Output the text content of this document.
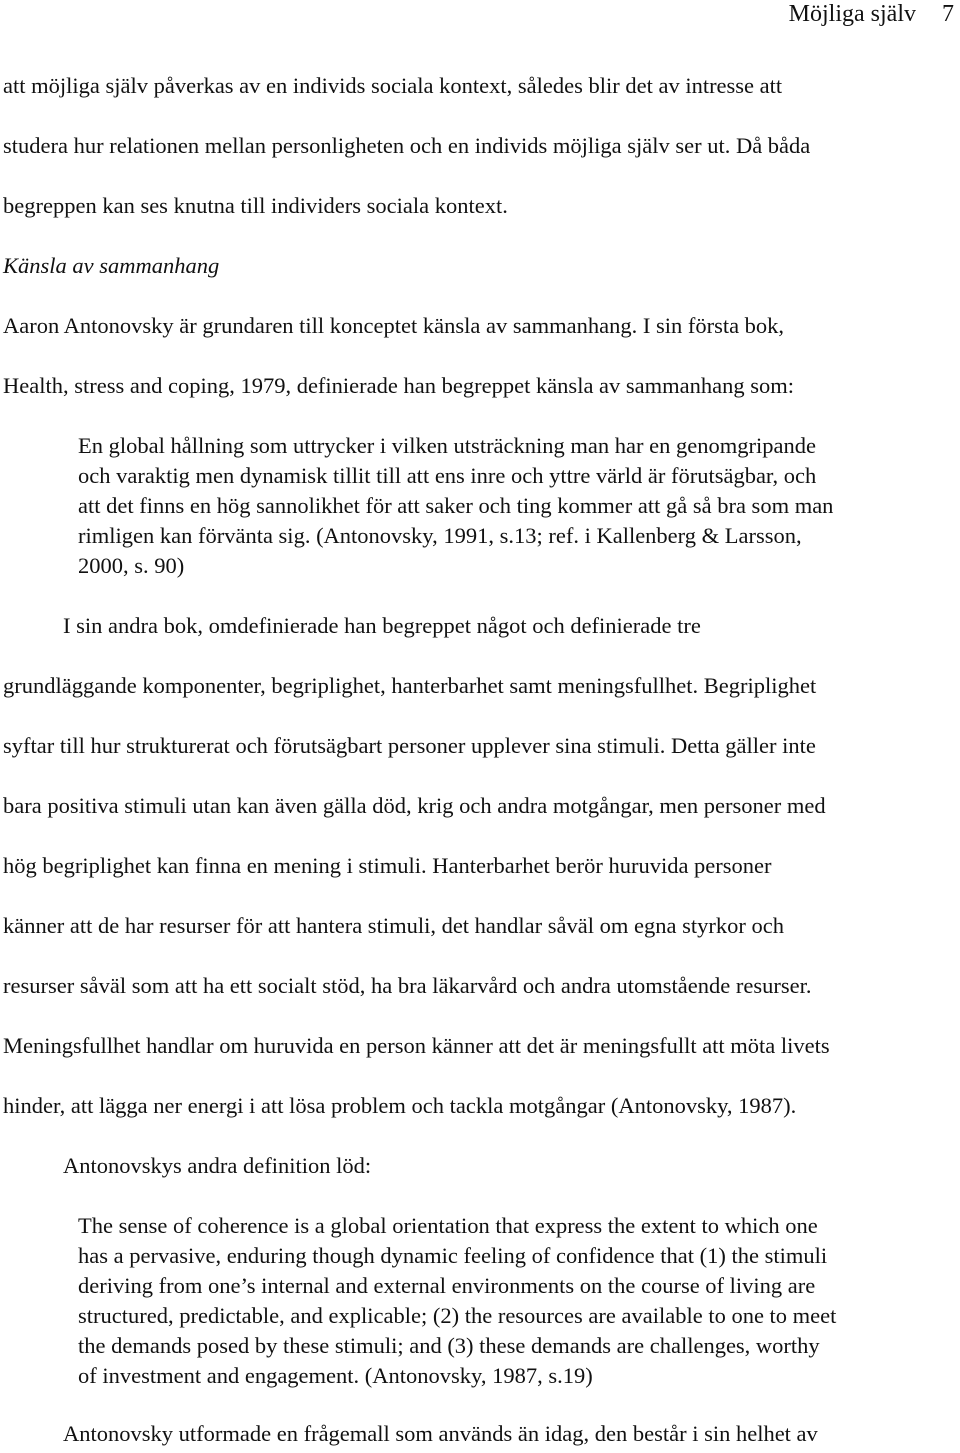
Möjliga själv 7
att möjliga själv påverkas av en individs sociala kontext, således blir det av intresse att
studera hur relationen mellan personligheten och en individs möjliga själv ser ut. Då båda
begreppen kan ses knutna till individers sociala kontext.
Känsla av sammanhang
Aaron Antonovsky är grundaren till konceptet känsla av sammanhang. I sin första bok,
Health, stress and coping, 1979, definierade han begreppet känsla av sammanhang som:
En global hållning som uttrycker i vilken utsträckning man har en genomgripande
och varaktig men dynamisk tillit till att ens inre och yttre värld är förutsägbar, och
att det finns en hög sannolikhet för att saker och ting kommer att gå så bra som man
rimligen kan förvänta sig. (Antonovsky, 1991, s.13; ref. i Kallenberg & Larsson,
2000, s. 90)
I sin andra bok, omdefinierade han begreppet något och definierade tre
grundläggande komponenter, begriplighet, hanterbarhet samt meningsfullhet. Begriplighet
syftar till hur strukturerat och förutsägbart personer upplever sina stimuli. Detta gäller inte
bara positiva stimuli utan kan även gälla död, krig och andra motgångar, men personer med
hög begriplighet kan finna en mening i stimuli. Hanterbarhet berör huruvida personer
känner att de har resurser för att hantera stimuli, det handlar såväl om egna styrkor och
resurser såväl som att ha ett socialt stöd, ha bra läkarvård och andra utomstående resurser.
Meningsfullhet handlar om huruvida en person känner att det är meningsfullt att möta livets
hinder, att lägga ner energi i att lösa problem och tackla motgångar (Antonovsky, 1987).
Antonovskys andra definition löd:
The sense of coherence is a global orientation that express the extent to which one
has a pervasive, enduring though dynamic feeling of confidence that (1) the stimuli
deriving from one’s internal and external environments on the course of living are
structured, predictable, and explicable; (2) the resources are available to one to meet
the demands posed by these stimuli; and (3) these demands are challenges, worthy
of investment and engagement. (Antonovsky, 1987, s.19)
Antonovsky utformade en frågemall som används än idag, den består i sin helhet av
